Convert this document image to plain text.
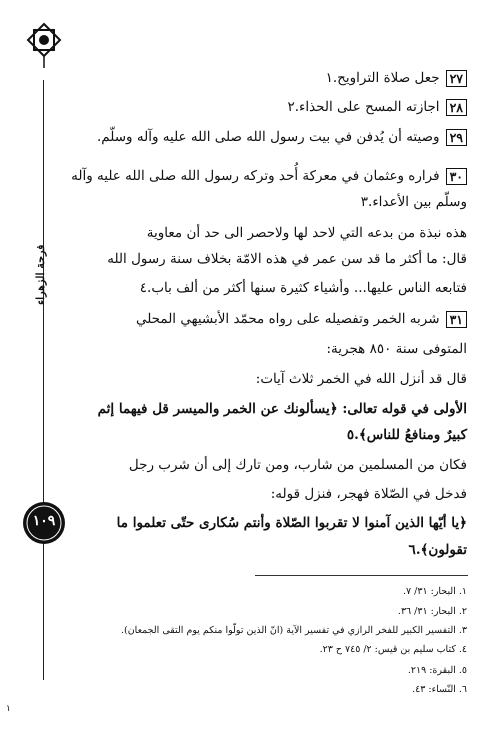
فرحة الزهراء
١٠٩
٢٧جعل صلاة التراويح.١
٢٨اجازته المسح على الحذاء.٢
٢٩وصيته أن يُدفن في بيت رسول الله صلى الله عليه وآله وسلّم.
٣٠فراره وعثمان في معركة أُحد وتركه رسول الله صلى الله عليه وآله
وسلّم بين الأعداء.٣
هذه نبذة من بدعه التي لاحد لها ولاحصر الى حد أن معاوية
قال: ما أكثر ما قد سن عمر في هذه الامّة بخلاف سنة رسول الله
فتابعه الناس عليها... وأشياء كثيرة سنها أكثر من ألف باب.٤
٣١شربه الخمر وتفصيله على رواه محمّد الأبشيهي المحلي
المتوفى سنة ٨٥٠ هجرية:
قال قد أنزل الله في الخمر ثلاث آيات:
الأولى في قوله تعالى: ﴿يسألونك عن الخمر والميسر قل فيهما إثم
كبيرٌ ومنافعُ للناس﴾.٥
فكان من المسلمين من شارب، ومن تارك إلى أن شرب رجل
فدخل في الصّلاة فهجر، فنزل قوله:
﴿يا أيّها الذين آمنوا لا تقربوا الصّلاة وأنتم سُكارى حتّى تعلموا ما
تقولون﴾.٦
١. البحار: ٣١/ ٧.
٢. البحار: ٣١/ ٣٦.
٣. التفسير الكبير للفخر الرازي في تفسير الآية (انّ الذين تولّوا منكم يوم التقى الجمعان).
٤. كتاب سليم بن قيس: ٢/ ٧٤٥ ح ٢٣.
٥. البقرة: ٢١٩.
٦. النّساء: ٤٣.
١
